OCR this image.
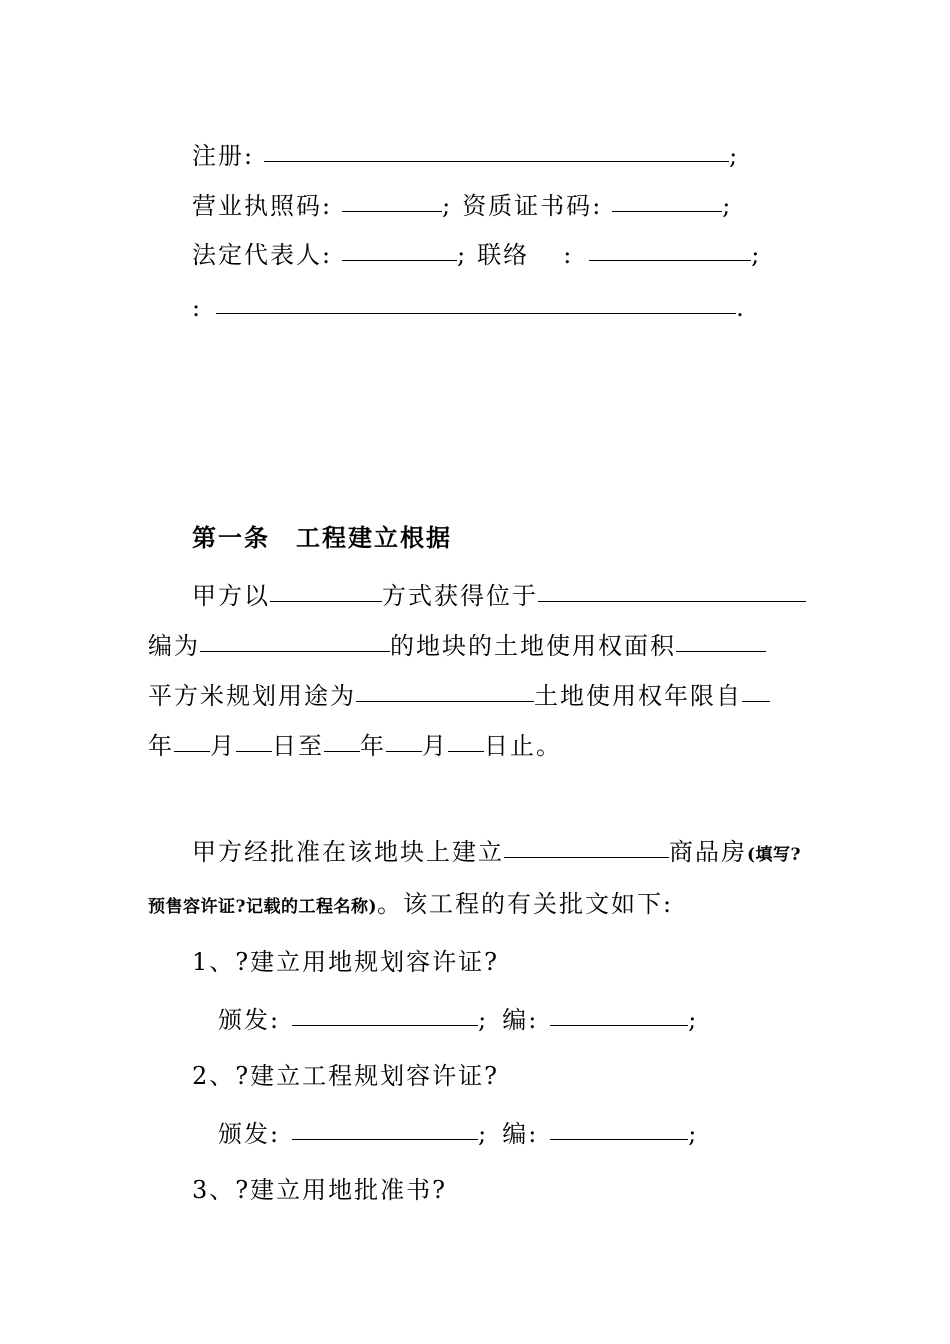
注册 :	;
营业执照码 :	; 资质证书码 :	;
法定代表人 :	; 联络 :	;
:	.
第一条 工程建立根据
甲方以	方式获得位于
编为	的地块的土地使用权面积
平方米规划用途为	土地使用权年限自
年 月 日 至 年 月 日 止。
甲方经批准在该地块上建立	商品房 (填写?
预售容许证?记载的工程名称) 。该工程的有关批文如下:
1、?建立用地规划容许证?
颁发 :	; 编 :	;
2、?建立工程规划容许证?
颁发 :	; 编 :	;
3、?建立用地批准书?
